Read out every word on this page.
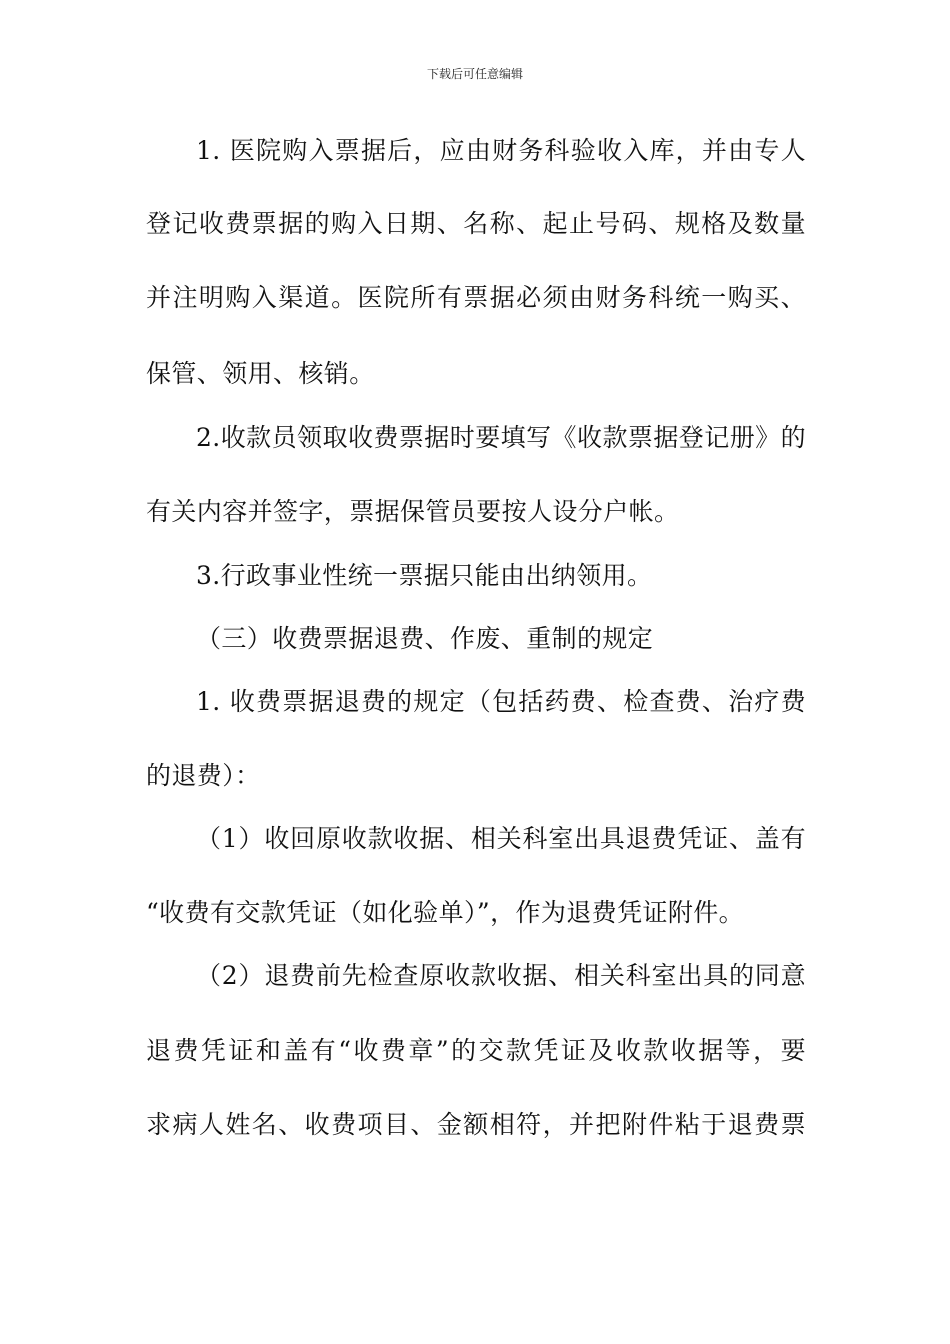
下载后可任意编辑
1. 医院购入票据后，应由财务科验收入库，并由专人
登记收费票据的购入日期、名称、起止号码、规格及数量
并注明购入渠道。医院所有票据必须由财务科统一购买、
保管、领用、核销。
2.收款员领取收费票据时要填写《收款票据登记册》的
有关内容并签字，票据保管员要按人设分户帐。
3.行政事业性统一票据只能由出纳领用。
（三）收费票据退费、作废、重制的规定
1. 收费票据退费的规定（包括药费、检查费、治疗费
的退费）：
（1）收回原收款收据、相关科室出具退费凭证、盖有
“收费有交款凭证（如化验单）”，作为退费凭证附件。
（2）退费前先检查原收款收据、相关科室出具的同意
退费凭证和盖有“收费章”的交款凭证及收款收据等，要
求病人姓名、收费项目、金额相符，并把附件粘于退费票
